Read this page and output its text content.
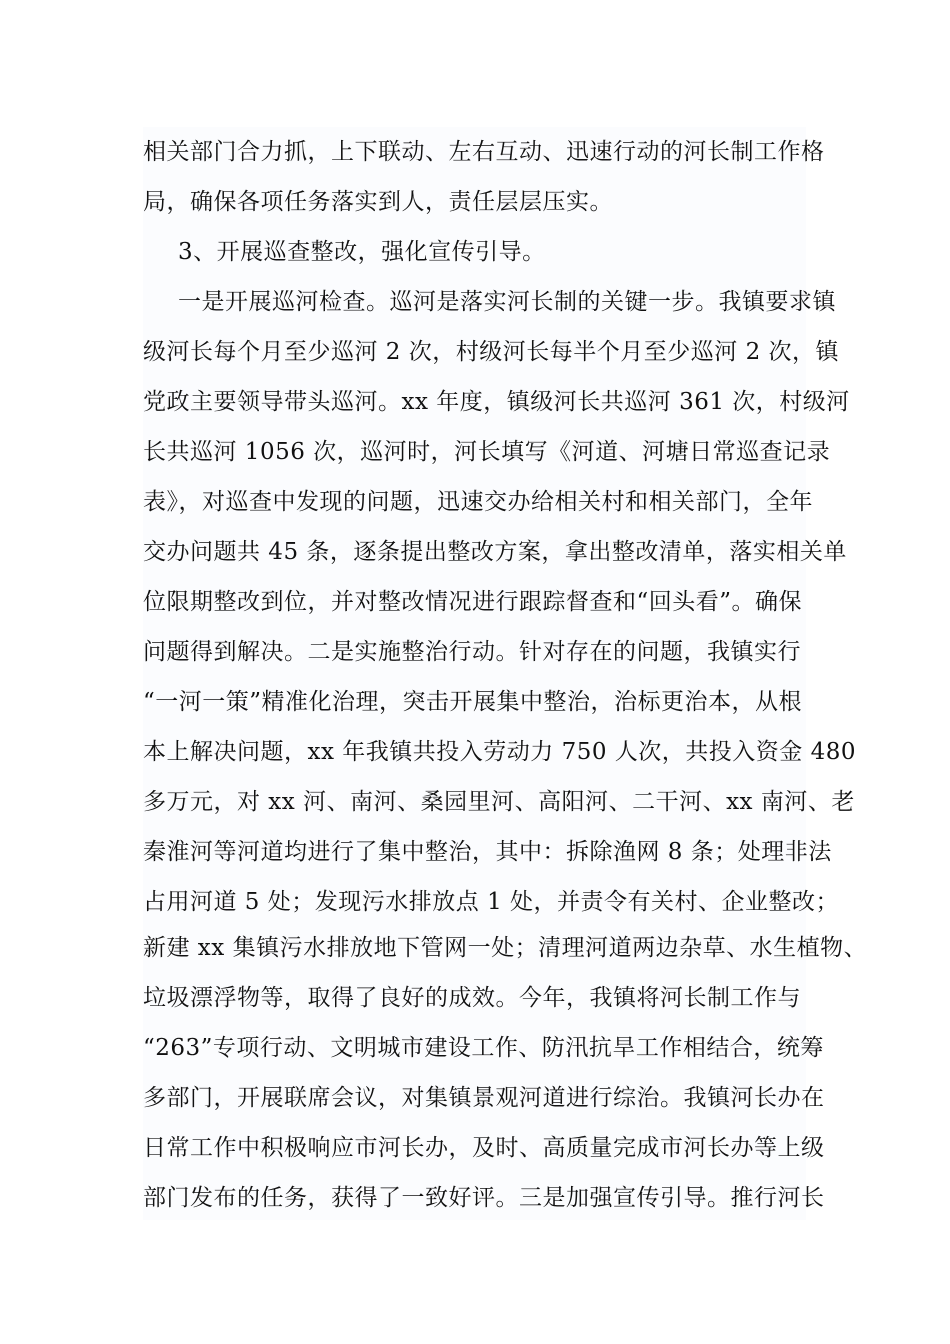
相关部门合力抓，上下联动、左右互动、迅速行动的河长制工作格
局，确保各项任务落实到人，责任层层压实。
3、开展巡查整改，强化宣传引导。
一是开展巡河检查。巡河是落实河长制的关键一步。我镇要求镇
级河长每个月至少巡河 2 次，村级河长每半个月至少巡河 2 次，镇
党政主要领导带头巡河。xx 年度，镇级河长共巡河 361 次，村级河
长共巡河 1056 次，巡河时，河长填写《河道、河塘日常巡查记录
表》，对巡查中发现的问题，迅速交办给相关村和相关部门，全年
交办问题共 45 条，逐条提出整改方案，拿出整改清单，落实相关单
位限期整改到位，并对整改情况进行跟踪督查和“回头看”。确保
问题得到解决。二是实施整治行动。针对存在的问题，我镇实行
“一河一策”精准化治理，突击开展集中整治，治标更治本，从根
本上解决问题，xx 年我镇共投入劳动力 750 人次，共投入资金 480
多万元，对 xx 河、南河、桑园里河、高阳河、二干河、xx 南河、老
秦淮河等河道均进行了集中整治，其中：拆除渔网 8 条；处理非法
占用河道 5 处；发现污水排放点 1 处，并责令有关村、企业整改；
新建 xx 集镇污水排放地下管网一处；清理河道两边杂草、水生植物、
垃圾漂浮物等，取得了良好的成效。今年，我镇将河长制工作与
“263”专项行动、文明城市建设工作、防汛抗旱工作相结合，统筹
多部门，开展联席会议，对集镇景观河道进行综治。我镇河长办在
日常工作中积极响应市河长办，及时、高质量完成市河长办等上级
部门发布的任务，获得了一致好评。三是加强宣传引导。推行河长
